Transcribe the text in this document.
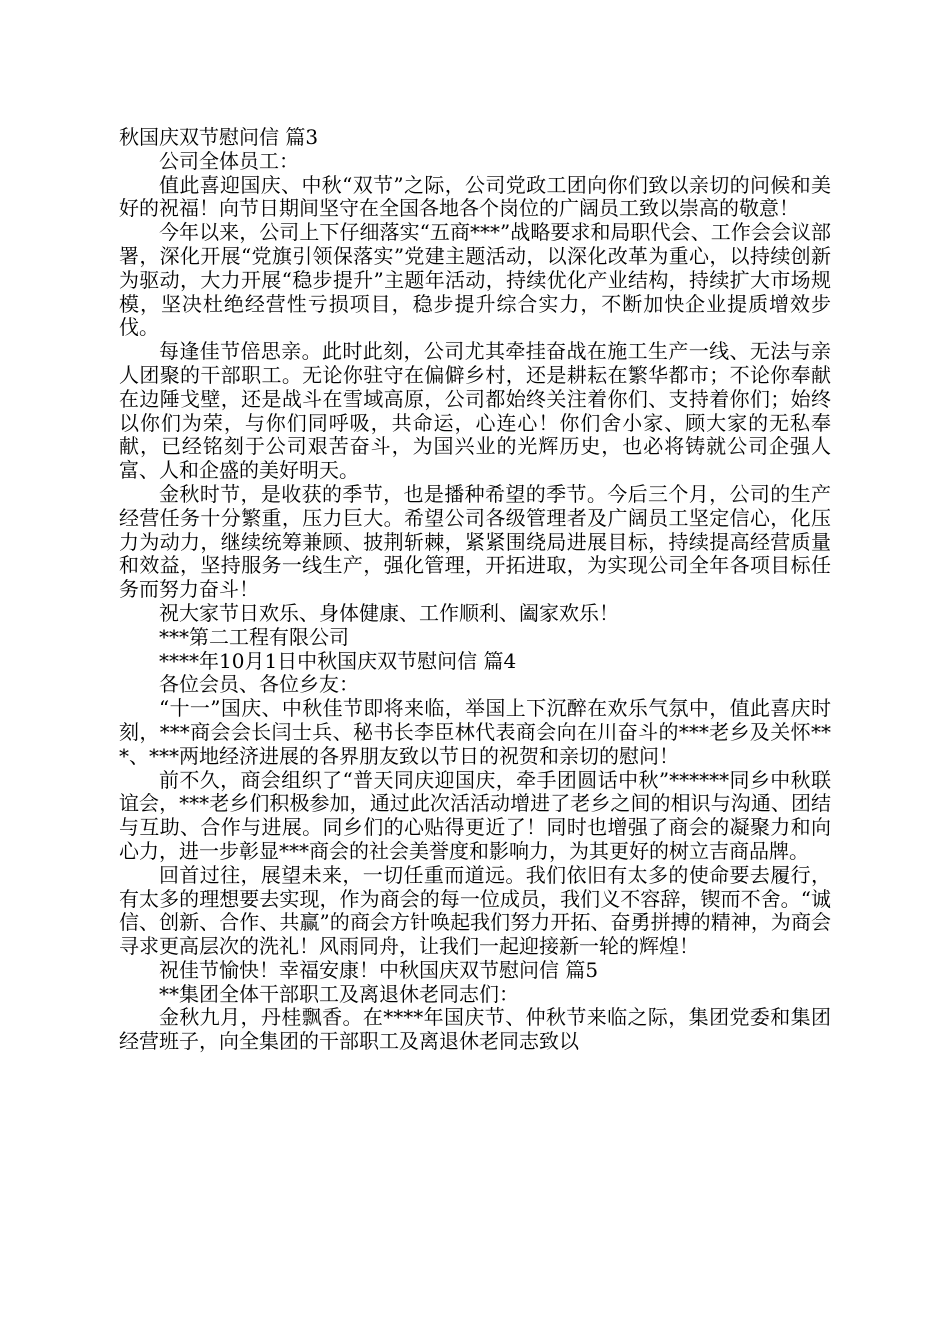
秋国庆双节慰问信 篇3

公司全体员工：

值此喜迎国庆、中秋“双节”之际，公司党政工团向你们致以亲切的问候和美好的祝福！向节日期间坚守在全国各地各个岗位的广阔员工致以崇高的敬意！

今年以来，公司上下仔细落实“五商***”战略要求和局职代会、工作会会议部署，深化开展“党旗引领保落实”党建主题活动，以深化改革为重心，以持续创新为驱动，大力开展“稳步提升”主题年活动，持续优化产业结构，持续扩大市场规模，坚决杜绝经营性亏损项目，稳步提升综合实力，不断加快企业提质增效步伐。

每逢佳节倍思亲。此时此刻，公司尤其牵挂奋战在施工生产一线、无法与亲人团聚的干部职工。无论你驻守在偏僻乡村，还是耕耘在繁华都市；不论你奉献在边陲戈壁，还是战斗在雪域高原，公司都始终关注着你们、支持着你们；始终以你们为荣，与你们同呼吸，共命运，心连心！你们舍小家、顾大家的无私奉献，已经铭刻于公司艰苦奋斗，为国兴业的光辉历史，也必将铸就公司企强人富、人和企盛的美好明天。

金秋时节，是收获的季节，也是播种希望的季节。今后三个月，公司的生产经营任务十分繁重，压力巨大。希望公司各级管理者及广阔员工坚定信心，化压力为动力，继续统筹兼顾、披荆斩棘，紧紧围绕局进展目标，持续提高经营质量和效益，坚持服务一线生产，强化管理，开拓进取，为实现公司全年各项目标任务而努力奋斗！

祝大家节日欢乐、身体健康、工作顺利、阖家欢乐！

***第二工程有限公司

****年10月1日中秋国庆双节慰问信 篇4

各位会员、各位乡友：

“十一”国庆、中秋佳节即将来临，举国上下沉醉在欢乐气氛中，值此喜庆时刻，***商会会长闫士兵、秘书长李臣林代表商会向在川奋斗的***老乡及关怀***、***两地经济进展的各界朋友致以节日的祝贺和亲切的慰问！

前不久，商会组织了“普天同庆迎国庆，牵手团圆话中秋”******同乡中秋联谊会，***老乡们积极参加，通过此次活活动增进了老乡之间的相识与沟通、团结与互助、合作与进展。同乡们的心贴得更近了！同时也增强了商会的凝聚力和向心力，进一步彰显***商会的社会美誉度和影响力，为其更好的树立吉商品牌。

回首过往，展望未来，一切任重而道远。我们依旧有太多的使命要去履行，有太多的理想要去实现，作为商会的每一位成员，我们义不容辞，锲而不舍。“诚信、创新、合作、共赢”的商会方针唤起我们努力开拓、奋勇拼搏的精神，为商会寻求更高层次的洗礼！风雨同舟，让我们一起迎接新一轮的辉煌！

祝佳节愉快！幸福安康！中秋国庆双节慰问信 篇5

**集团全体干部职工及离退休老同志们：

金秋九月，丹桂飘香。在****年国庆节、仲秋节来临之际，集团党委和集团经营班子，向全集团的干部职工及离退休老同志致以
